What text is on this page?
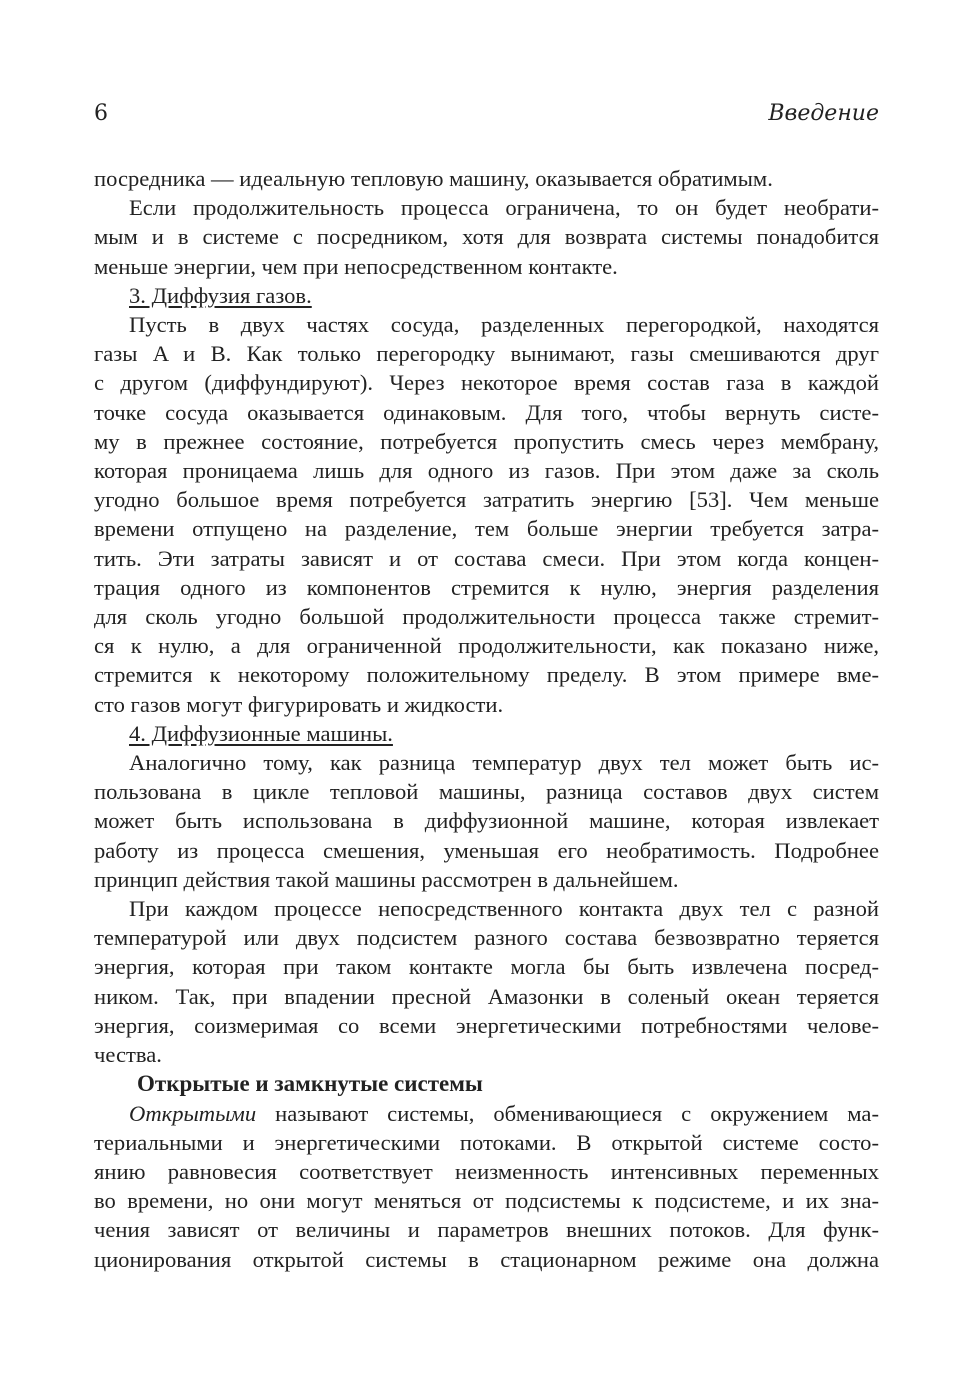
6	Введение
посредника — идеальную тепловую машину, оказывается обратимым.
Если продолжительность процесса ограничена, то он будет необрати-
мым и в системе с посредником, хотя для возврата системы понадобится
меньше энергии, чем при непосредственном контакте.
3. Диффузия газов.
Пусть в двух частях сосуда, разделенных перегородкой, находятся
газы A и B. Как только перегородку вынимают, газы смешиваются друг
с другом (диффундируют). Через некоторое время состав газа в каждой
точке сосуда оказывается одинаковым. Для того, чтобы вернуть систе-
му в прежнее состояние, потребуется пропустить смесь через мембрану,
которая проницаема лишь для одного из газов. При этом даже за сколь
угодно большое время потребуется затратить энергию [53]. Чем меньше
времени отпущено на разделение, тем больше энергии требуется затра-
тить. Эти затраты зависят и от состава смеси. При этом когда концен-
трация одного из компонентов стремится к нулю, энергия разделения
для сколь угодно большой продолжительности процесса также стремит-
ся к нулю, а для ограниченной продолжительности, как показано ниже,
стремится к некоторому положительному пределу. В этом примере вме-
сто газов могут фигурировать и жидкости.
4. Диффузионные машины.
Аналогично тому, как разница температур двух тел может быть ис-
пользована в цикле тепловой машины, разница составов двух систем
может быть использована в диффузионной машине, которая извлекает
работу из процесса смешения, уменьшая его необратимость. Подробнее
принцип действия такой машины рассмотрен в дальнейшем.
При каждом процессе непосредственного контакта двух тел с разной
температурой или двух подсистем разного состава безвозвратно теряется
энергия, которая при таком контакте могла бы быть извлечена посред-
ником. Так, при впадении пресной Амазонки в соленый океан теряется
энергия, соизмеримая со всеми энергетическими потребностями челове-
чества.
Открытые и замкнутые системы
Открытыми называют системы, обменивающиеся с окружением ма-
териальными и энергетическими потоками. В открытой системе состо-
янию равновесия соответствует неизменность интенсивных переменных
во времени, но они могут меняться от подсистемы к подсистеме, и их зна-
чения зависят от величины и параметров внешних потоков. Для функ-
ционирования открытой системы в стационарном режиме она должна
